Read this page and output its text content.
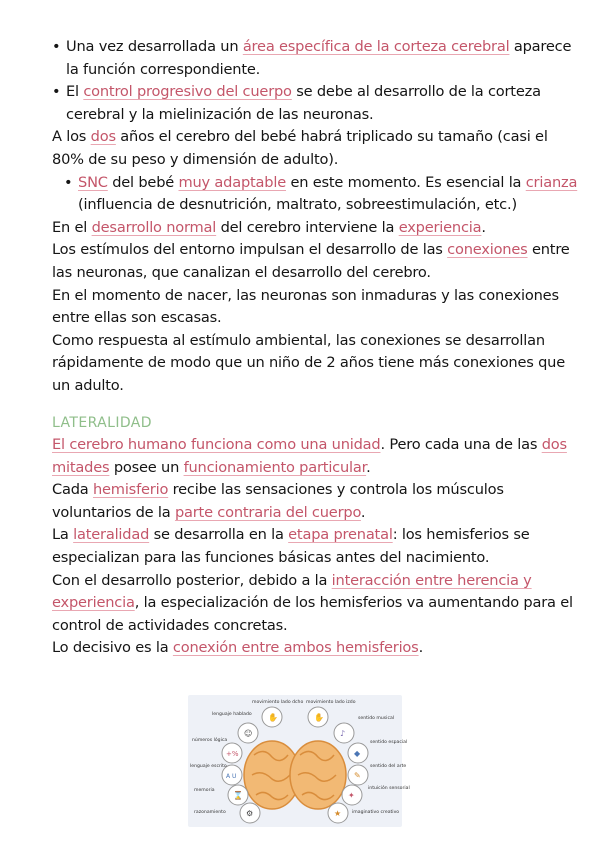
• Una vez desarrollada un área específica de la corteza cerebral aparece la función correspondiente.

• El control progresivo del cuerpo se debe al desarrollo de la corteza cerebral y la mielinización de las neuronas.

A los dos años el cerebro del bebé habrá triplicado su tamaño (casi el 80% de su peso y dimensión de adulto).

• SNC del bebé muy adaptable en este momento. Es esencial la crianza (influencia de desnutrición, maltrato, sobreestimulación, etc.)

En el desarrollo normal del cerebro interviene la experiencia.

Los estímulos del entorno impulsan el desarrollo de las conexiones entre las neuronas, que canalizan el desarrollo del cerebro.

En el momento de nacer, las neuronas son inmaduras y las conexiones entre ellas son escasas.

Como respuesta al estímulo ambiental, las conexiones se desarrollan rápidamente de modo que un niño de 2 años tiene más conexiones que un adulto.

LATERALIDAD

El cerebro humano funciona como una unidad. Pero cada una de las dos mitades posee un funcionamiento particular.

Cada hemisferio recibe las sensaciones y controla los músculos voluntarios de la parte contraria del cuerpo.

La lateralidad se desarrolla en la etapa prenatal: los hemisferios se especializan para las funciones básicas antes del nacimiento.

Con el desarrollo posterior, debido a la interacción entre herencia y experiencia, la especialización de los hemisferios va aumentando para el control de actividades concretas.

Lo decisivo es la conexión entre ambos hemisferios.

☺
✋	✋
♪
+%	◆
A U	✎
⌛	✦
⚙	★
lenguaje hablado
movimiento lado dcho movimiento lado izdo
sentido musical
números lógica	sentido espacial
lenguaje escrito	sentido del arte
memoria	intuición sensorial
razonamiento	imaginativo creativo
